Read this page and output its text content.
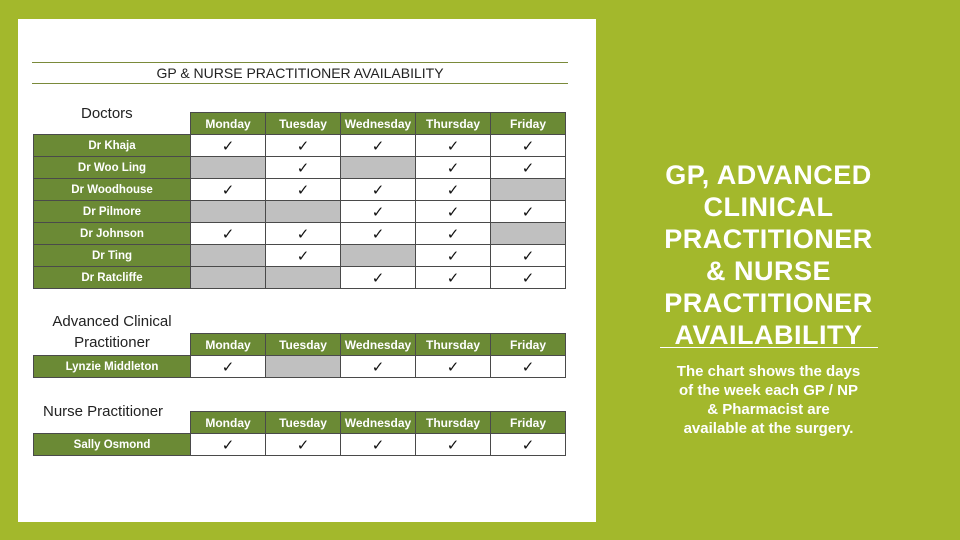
GP & NURSE PRACTITIONER AVAILABILITY
Doctors
	Monday	Tuesday	Wednesday	Thursday	Friday
Dr Khaja	✓	✓	✓	✓	✓
Dr Woo Ling		✓		✓	✓
Dr Woodhouse	✓	✓	✓	✓	
Dr Pilmore			✓	✓	✓
Dr Johnson	✓	✓	✓	✓	
Dr Ting		✓		✓	✓
Dr Ratcliffe			✓	✓	✓
Advanced Clinical
Practitioner
		Monday	Tuesday	Wednesday	Thursday	Friday
Lynzie Middleton	✓		✓	✓	✓
Nurse Practitioner
	Monday	Tuesday	Wednesday	Thursday	Friday
Sally Osmond	✓	✓	✓	✓	✓
GP, ADVANCED
CLINICAL
PRACTITIONER
& NURSE
PRACTITIONER
AVAILABILITY
The chart shows the days
of the week each GP / NP
& Pharmacist are
available at the surgery.
